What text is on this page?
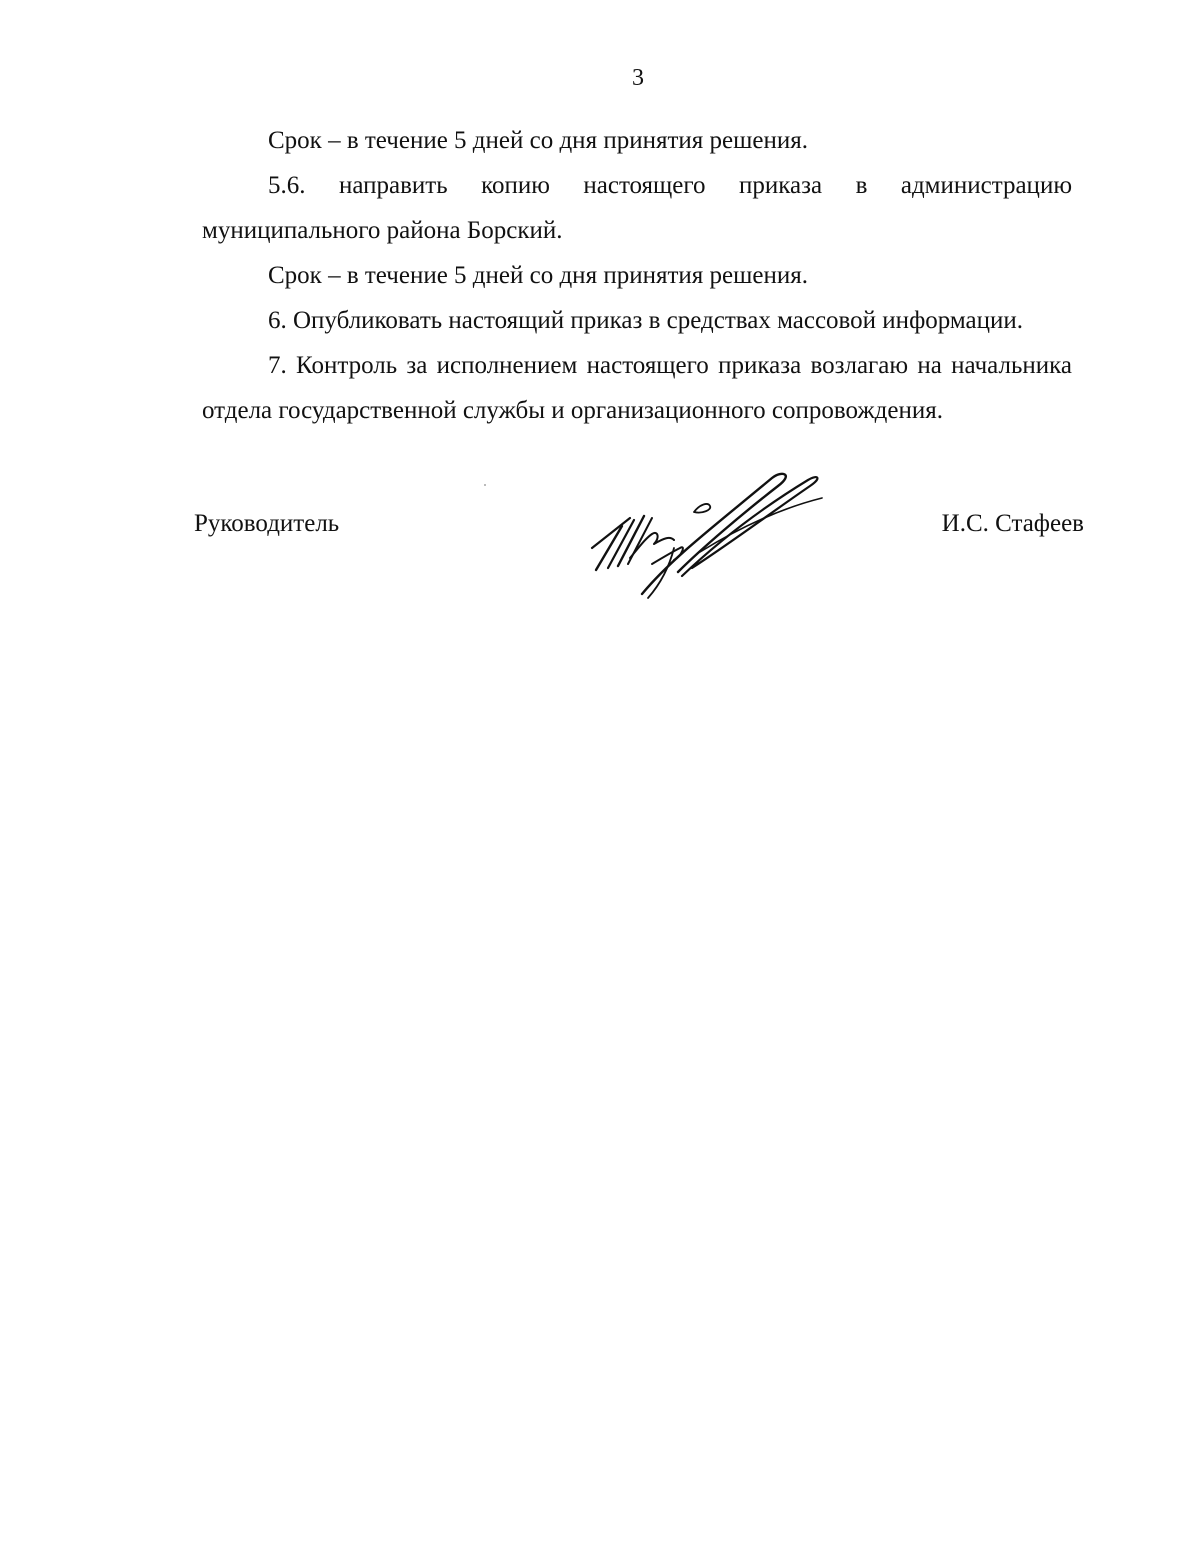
3

Срок – в течение 5 дней со дня принятия решения.

5.6. направить копию настоящего приказа в администрацию муниципального района Борский.

Срок – в течение 5 дней со дня принятия решения.

6. Опубликовать настоящий приказ в средствах массовой информации.

7. Контроль за исполнением настоящего приказа возлагаю на начальника отдела государственной службы и организационного сопровождения.

Руководитель	И.С. Стафеев
